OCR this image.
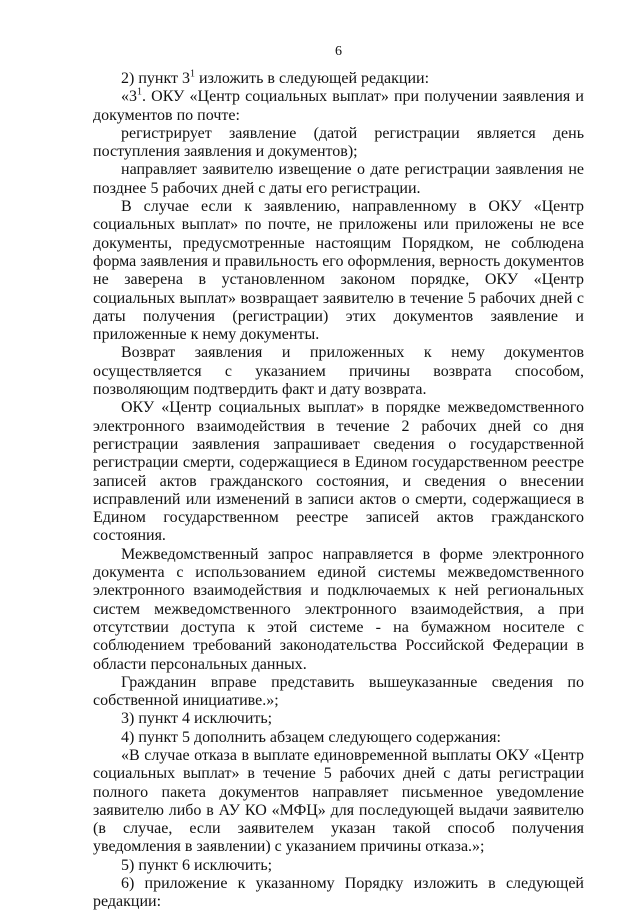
6

2) пункт $3^1$ изложить в следующей редакции:

«$3^1$. ОКУ «Центр социальных выплат» при получении заявления и документов по почте:

регистрирует заявление (датой регистрации является день поступления заявления и документов);

направляет заявителю извещение о дате регистрации заявления не позднее 5 рабочих дней с даты его регистрации.

В случае если к заявлению, направленному в ОКУ «Центр социальных выплат» по почте, не приложены или приложены не все документы, предусмотренные настоящим Порядком, не соблюдена форма заявления и правильность его оформления, верность документов не заверена в установленном законом порядке, ОКУ «Центр социальных выплат» возвращает заявителю в течение 5 рабочих дней с даты получения (регистрации) этих документов заявление и приложенные к нему документы.

Возврат заявления и приложенных к нему документов осуществляется с указанием причины возврата способом, позволяющим подтвердить факт и дату возврата.

ОКУ «Центр социальных выплат» в порядке межведомственного электронного взаимодействия в течение 2 рабочих дней со дня регистрации заявления запрашивает сведения о государственной регистрации смерти, содержащиеся в Едином государственном реестре записей актов гражданского состояния, и сведения о внесении исправлений или изменений в записи актов о смерти, содержащиеся в Едином государственном реестре записей актов гражданского состояния.

Межведомственный запрос направляется в форме электронного документа с использованием единой системы межведомственного электронного взаимодействия и подключаемых к ней региональных систем межведомственного электронного взаимодействия, а при отсутствии доступа к этой системе - на бумажном носителе с соблюдением требований законодательства Российской Федерации в области персональных данных.

Гражданин вправе представить вышеуказанные сведения по собственной инициативе.»;

3) пункт 4 исключить;

4) пункт 5 дополнить абзацем следующего содержания:

«В случае отказа в выплате единовременной выплаты ОКУ «Центр социальных выплат» в течение 5 рабочих дней с даты регистрации полного пакета документов направляет письменное уведомление заявителю либо в АУ КО «МФЦ» для последующей выдачи заявителю (в случае, если заявителем указан такой способ получения уведомления в заявлении) с указанием причины отказа.»;

5) пункт 6 исключить;

6) приложение к указанному Порядку изложить в следующей редакции:
